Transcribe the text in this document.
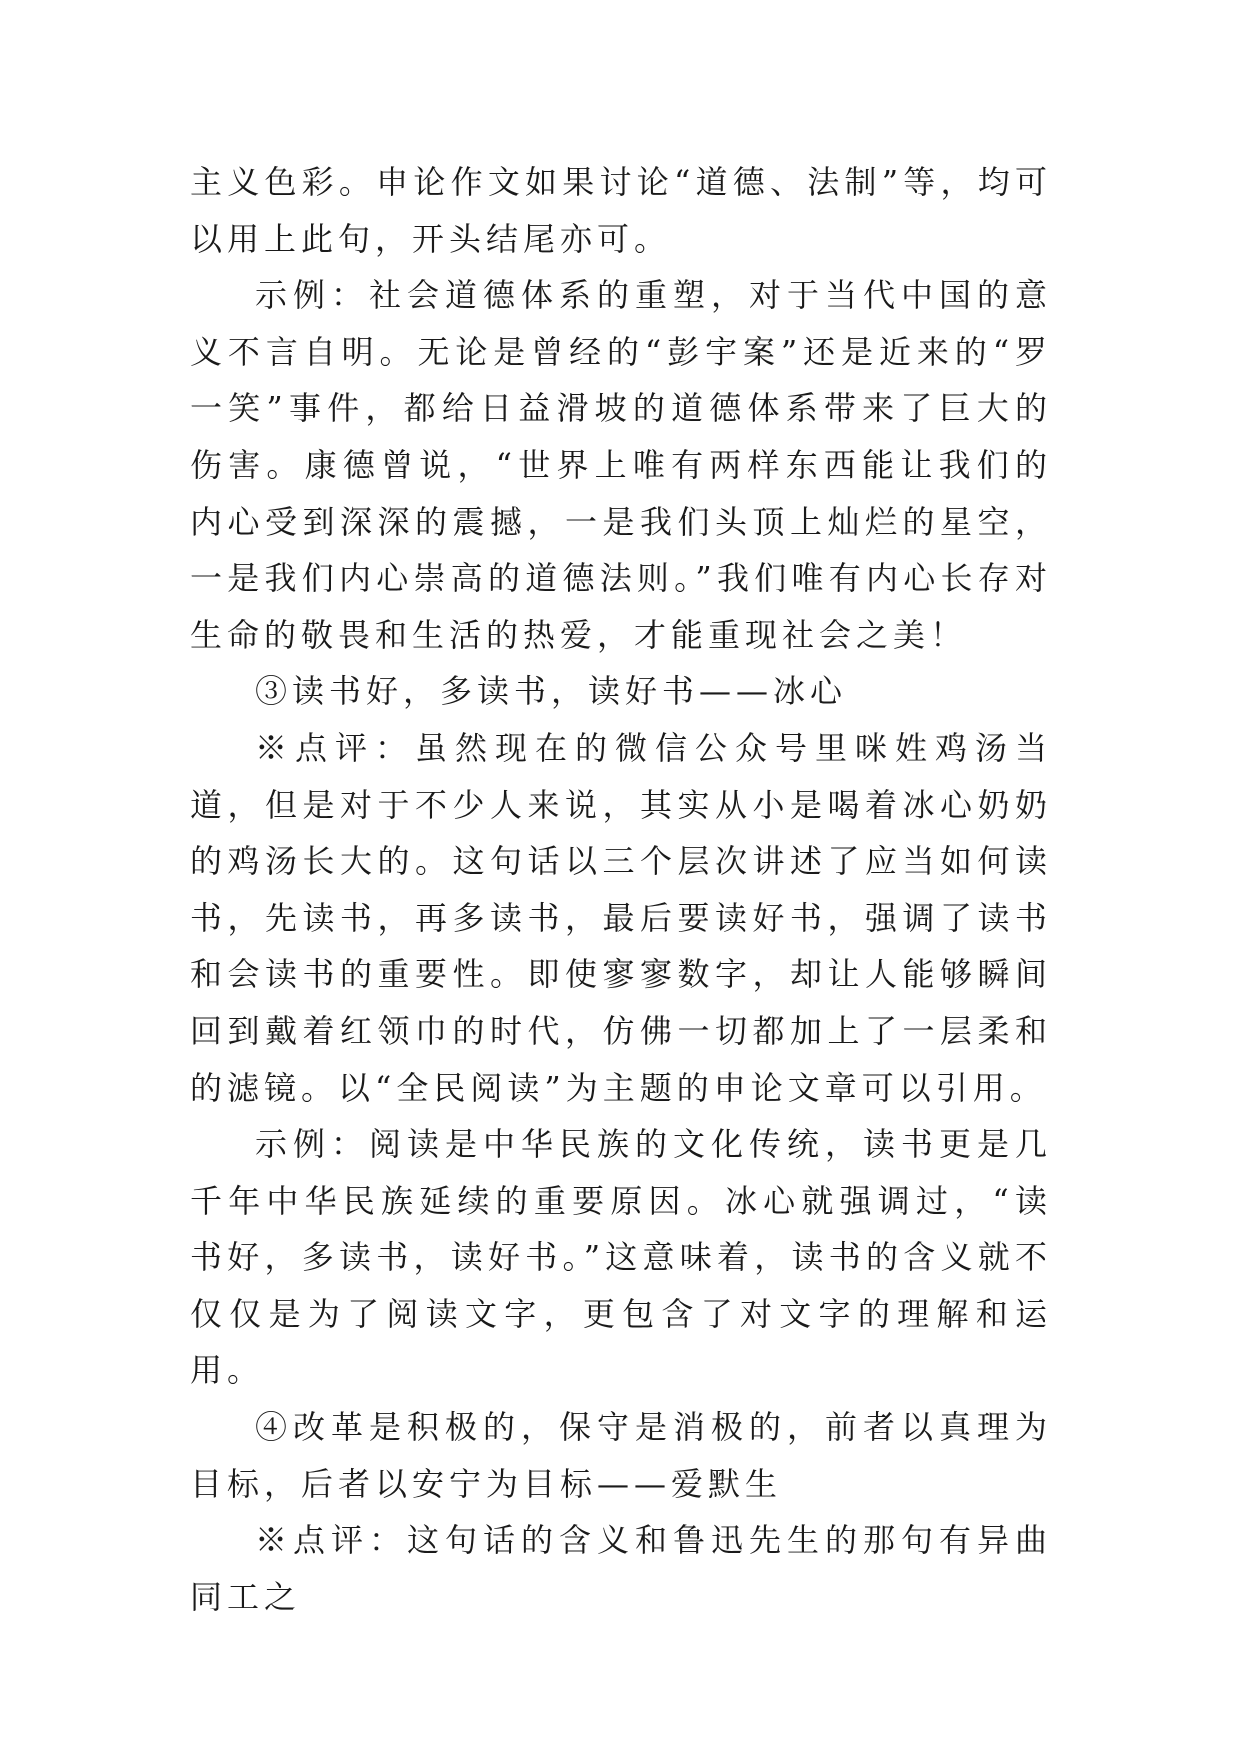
主义色彩。申论作文如果讨论“道德、法制”等，均可以用上此句，开头结尾亦可。

示例：社会道德体系的重塑，对于当代中国的意义不言自明。无论是曾经的“彭宇案”还是近来的“罗一笑”事件，都给日益滑坡的道德体系带来了巨大的伤害。康德曾说，“世界上唯有两样东西能让我们的内心受到深深的震撼，一是我们头顶上灿烂的星空，一是我们内心崇高的道德法则。”我们唯有内心长存对生命的敬畏和生活的热爱，才能重现社会之美！

③读书好，多读书，读好书——冰心

※点评：虽然现在的微信公众号里咪姓鸡汤当道，但是对于不少人来说，其实从小是喝着冰心奶奶的鸡汤长大的。这句话以三个层次讲述了应当如何读书，先读书，再多读书，最后要读好书，强调了读书和会读书的重要性。即使寥寥数字，却让人能够瞬间回到戴着红领巾的时代，仿佛一切都加上了一层柔和的滤镜。以“全民阅读”为主题的申论文章可以引用。

示例：阅读是中华民族的文化传统，读书更是几千年中华民族延续的重要原因。冰心就强调过，“读书好，多读书，读好书。”这意味着，读书的含义就不仅仅是为了阅读文字，更包含了对文字的理解和运用。

④改革是积极的，保守是消极的，前者以真理为目标，后者以安宁为目标——爱默生

※点评：这句话的含义和鲁迅先生的那句有异曲同工之
